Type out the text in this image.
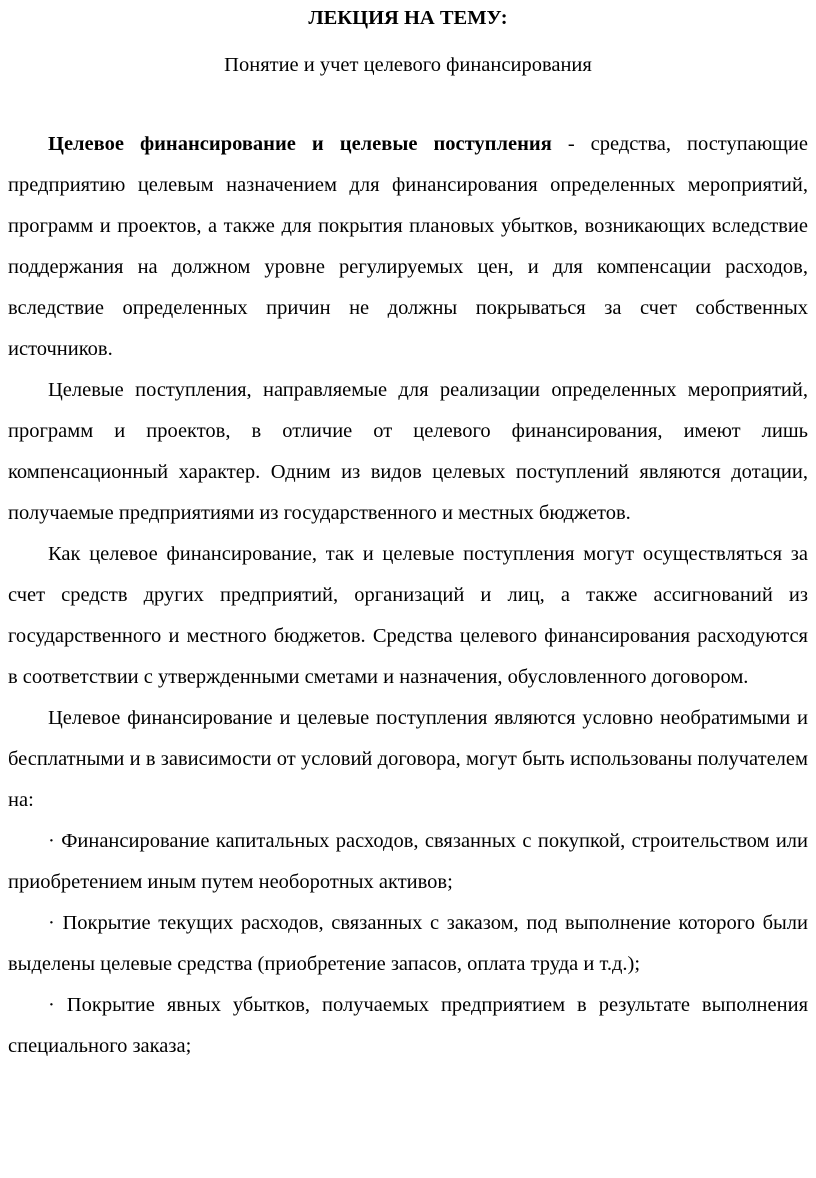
ЛЕКЦИЯ НА ТЕМУ:

Понятие и учет целевого финансирования

Целевое финансирование и целевые поступления - средства, поступающие предприятию целевым назначением для финансирования определенных мероприятий, программ и проектов, а также для покрытия плановых убытков, возникающих вследствие поддержания на должном уровне регулируемых цен, и для компенсации расходов, вследствие определенных причин не должны покрываться за счет собственных источников.

Целевые поступления, направляемые для реализации определенных мероприятий, программ и проектов, в отличие от целевого финансирования, имеют лишь компенсационный характер. Одним из видов целевых поступлений являются дотации, получаемые предприятиями из государственного и местных бюджетов.

Как целевое финансирование, так и целевые поступления могут осуществляться за счет средств других предприятий, организаций и лиц, а также ассигнований из государственного и местного бюджетов. Средства целевого финансирования расходуются в соответствии с утвержденными сметами и назначения, обусловленного договором.

Целевое финансирование и целевые поступления являются условно необратимыми и бесплатными и в зависимости от условий договора, могут быть использованы получателем на:

· Финансирование капитальных расходов, связанных с покупкой, строительством или приобретением иным путем необоротных активов;

· Покрытие текущих расходов, связанных с заказом, под выполнение которого были выделены целевые средства (приобретение запасов, оплата труда и т.д.);

· Покрытие явных убытков, получаемых предприятием в результате выполнения специального заказа;
